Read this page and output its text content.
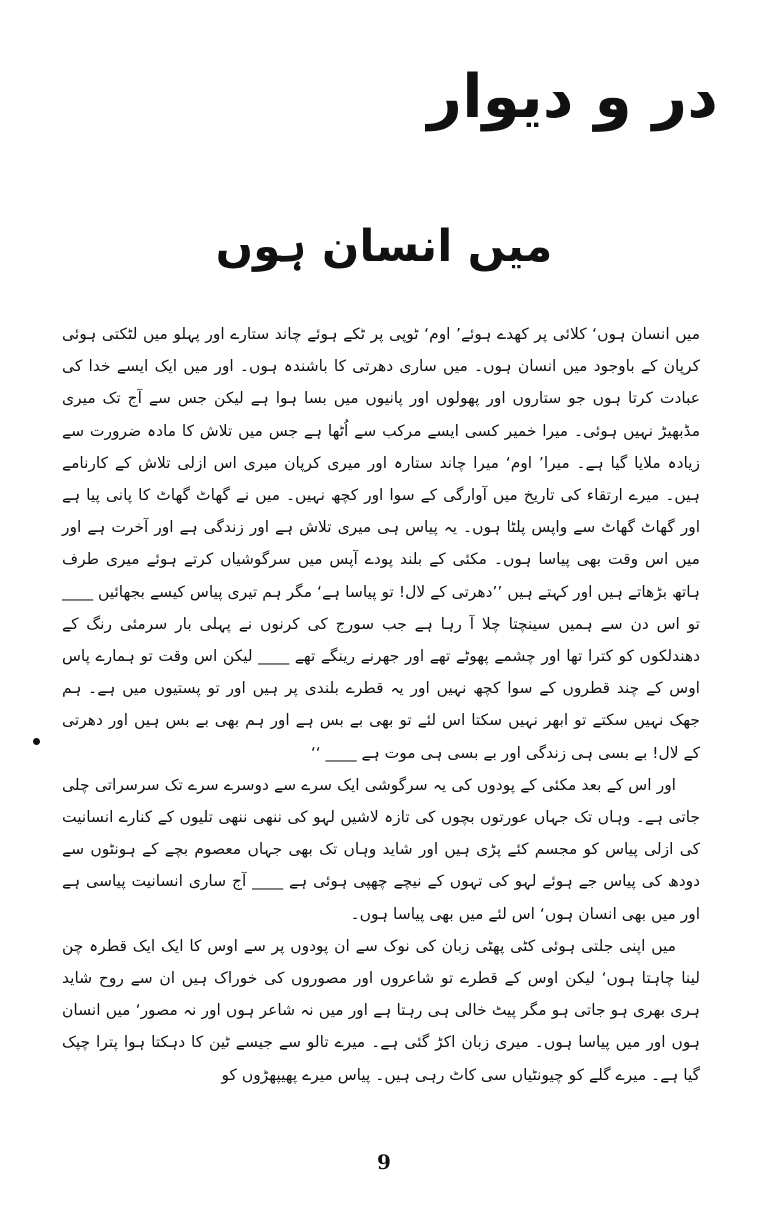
در و دیوار
میں انسان ہوں

میں انسان ہوں‘ کلائی پر کھدے ہوئے’ اوم‘ ٹوپی پر ٹکے ہوئے چاند ستارے اور پہلو میں لٹکتی ہوئی کرپان کے باوجود میں انسان ہوں۔ میں ساری دھرتی کا باشندہ ہوں۔ اور میں ایک ایسے خدا کی عبادت کرتا ہوں جو ستاروں اور پھولوں اور پانیوں میں بسا ہوا ہے لیکن جس سے آج تک میری مڈبھیڑ نہیں ہوئی۔ میرا خمیر کسی ایسے مرکب سے اُٹھا ہے جس میں تلاش کا مادہ ضرورت سے زیادہ ملایا گیا ہے۔ میرا’ اوم‘ میرا چاند ستارہ اور میری کرپان میری اس ازلی تلاش کے کارنامے ہیں۔ میرے ارتقاء کی تاریخ میں آوارگی کے سوا اور کچھ نہیں۔ میں نے گھاٹ گھاٹ کا پانی پیا ہے اور گھاٹ گھاٹ سے واپس پلٹا ہوں۔ یہ پیاس ہی میری تلاش ہے اور زندگی ہے اور آخرت ہے اور میں اس وقت بھی پیاسا ہوں۔ مکئی کے بلند پودے آپس میں سرگوشیاں کرتے ہوئے میری طرف ہاتھ بڑھاتے ہیں اور کہتے ہیں ’’دھرتی کے لال! تو پیاسا ہے‘ مگر ہم تیری پیاس کیسے بجھائیں ____ تو اس دن سے ہمیں سینچتا چلا آ رہا ہے جب سورج کی کرنوں نے پہلی بار سرمئی رنگ کے دھندلکوں کو کترا تھا اور چشمے پھوٹے تھے اور جھرنے رینگے تھے ____ لیکن اس وقت تو ہمارے پاس اوس کے چند قطروں کے سوا کچھ نہیں اور یہ قطرے بلندی پر ہیں اور تو پستیوں میں ہے۔ ہم جھک نہیں سکتے تو ابھر نہیں سکتا اس لئے تو بھی بے بس ہے اور ہم بھی بے بس ہیں اور دھرتی کے لال! بے بسی ہی زندگی اور بے بسی ہی موت ہے ____ ‘‘

اور اس کے بعد مکئی کے پودوں کی یہ سرگوشی ایک سرے سے دوسرے سرے تک سرسراتی چلی جاتی ہے۔ وہاں تک جہاں عورتوں بچوں کی تازہ لاشیں لہو کی ننھی ننھی تلیوں کے کنارے انسانیت کی ازلی پیاس کو مجسم کئے پڑی ہیں اور شاید وہاں تک بھی جہاں معصوم بچے کے ہونٹوں سے دودھ کی پیاس جے ہوئے لہو کی تہوں کے نیچے چھپی ہوئی ہے ____ آج ساری انسانیت پیاسی ہے اور میں بھی انسان ہوں‘ اس لئے میں بھی پیاسا ہوں۔

میں اپنی جلتی ہوئی کٹی پھٹی زبان کی نوک سے ان پودوں پر سے اوس کا ایک ایک قطرہ چن لینا چاہتا ہوں‘ لیکن اوس کے قطرے تو شاعروں اور مصوروں کی خوراک ہیں ان سے روح شاید ہری بھری ہو جاتی ہو مگر پیٹ خالی ہی رہتا ہے اور میں نہ شاعر ہوں اور نہ مصور‘ میں انسان ہوں اور میں پیاسا ہوں۔ میری زبان اکڑ گئی ہے۔ میرے تالو سے جیسے ٹین کا دہکتا ہوا پترا چپک گیا ہے۔ میرے گلے کو چیونٹیاں سی کاٹ رہی ہیں۔ پیاس میرے پھیپھڑوں کو

9
